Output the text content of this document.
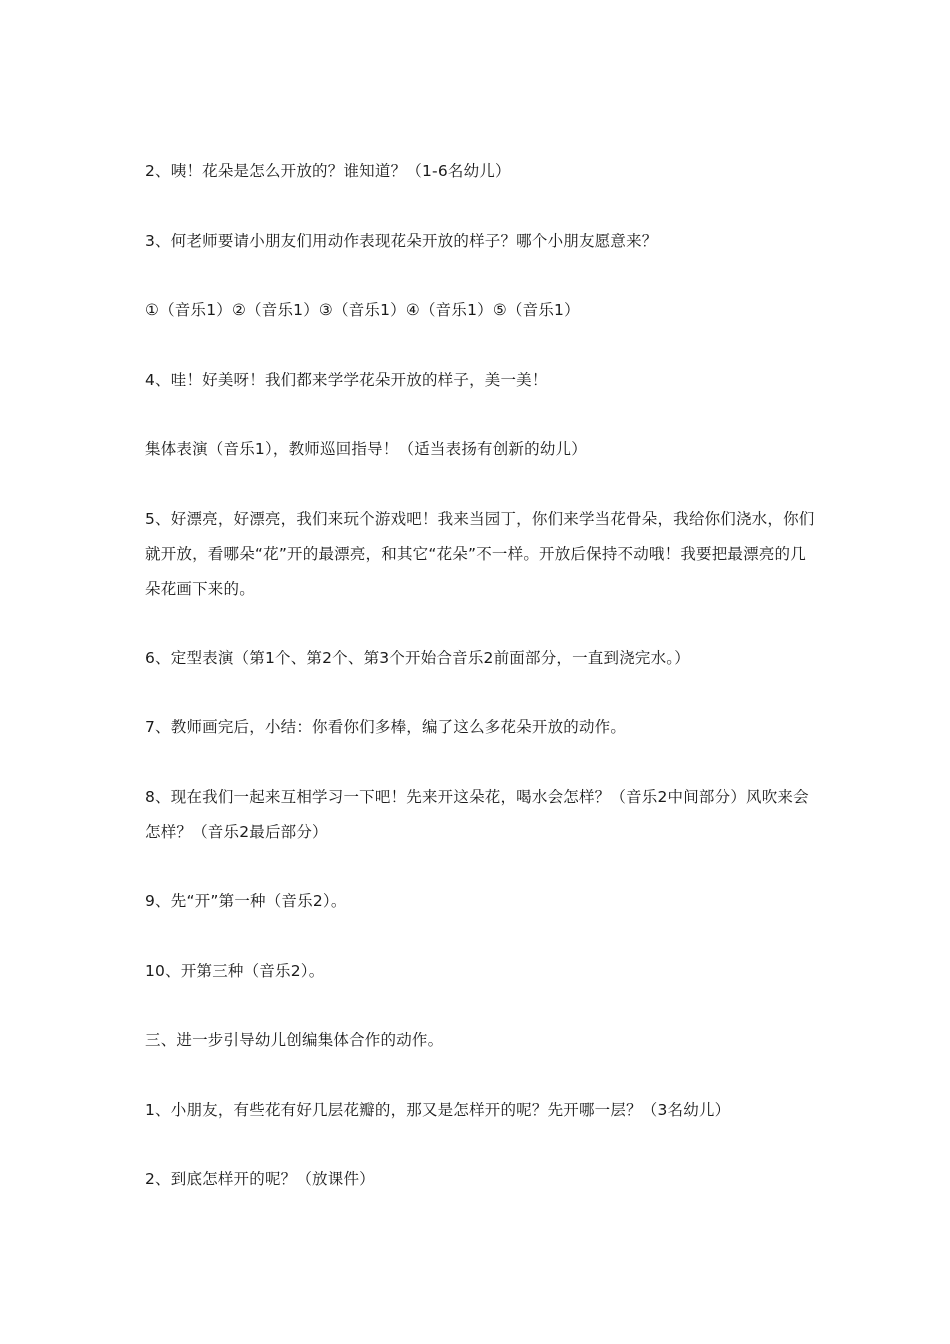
2、咦！花朵是怎么开放的？谁知道？（1-6名幼儿）

3、何老师要请小朋友们用动作表现花朵开放的样子？哪个小朋友愿意来？

①（音乐1）②（音乐1）③（音乐1）④（音乐1）⑤（音乐1）

4、哇！好美呀！我们都来学学花朵开放的样子，美一美！

集体表演（音乐1），教师巡回指导！（适当表扬有创新的幼儿）

5、好漂亮，好漂亮，我们来玩个游戏吧！我来当园丁，你们来学当花骨朵，我给你们浇水，你们就开放，看哪朵“花”开的最漂亮，和其它“花朵”不一样。开放后保持不动哦！我要把最漂亮的几朵花画下来的。

6、定型表演（第1个、第2个、第3个开始合音乐2前面部分，一直到浇完水。）

7、教师画完后，小结：你看你们多棒，编了这么多花朵开放的动作。

8、现在我们一起来互相学习一下吧！先来开这朵花，喝水会怎样？（音乐2中间部分）风吹来会怎样？（音乐2最后部分）

9、先“开”第一种（音乐2）。

10、开第三种（音乐2）。

三、进一步引导幼儿创编集体合作的动作。

1、小朋友，有些花有好几层花瓣的，那又是怎样开的呢？先开哪一层？（3名幼儿）

2、到底怎样开的呢？（放课件）
